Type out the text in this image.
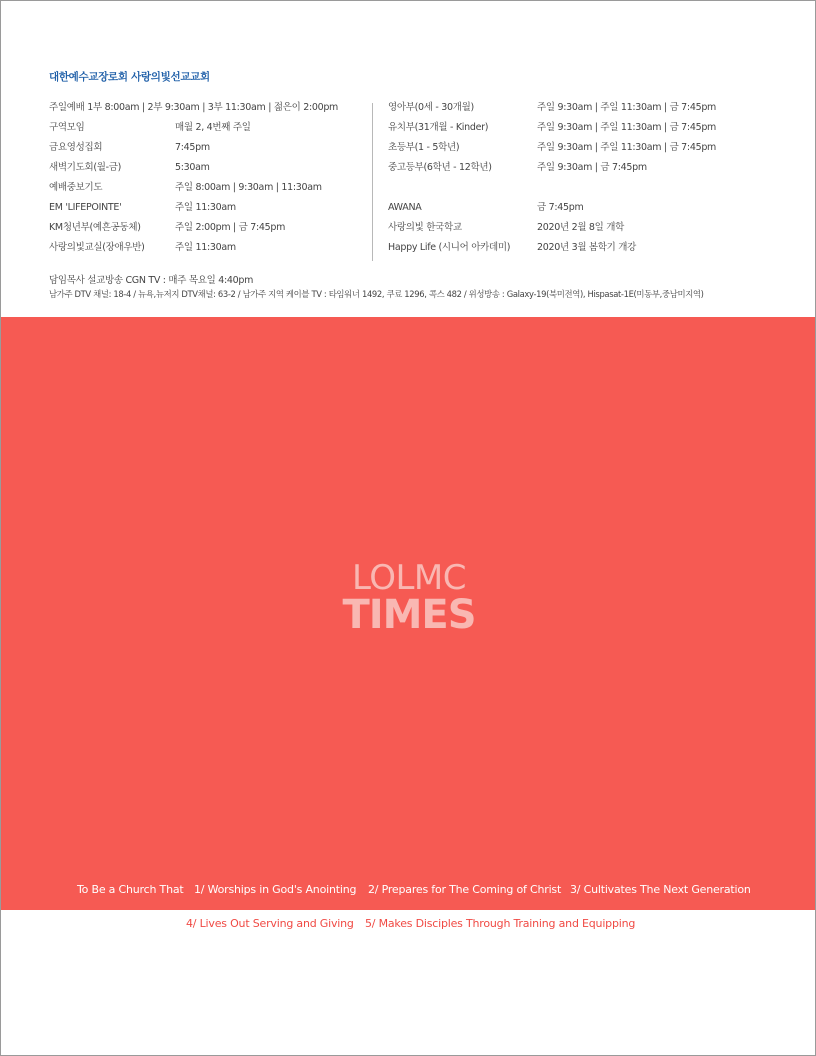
대한예수교장로회 사랑의빛선교교회
주일예배 1부 8:00am | 2부 9:30am | 3부 11:30am | 젊은이 2:00pm
구역모임	매월 2, 4번째 주일
금요영성집회	7:45pm
새벽기도회(월-금)	5:30am
예배중보기도	주일 8:00am | 9:30am | 11:30am
EM 'LIFEPOINTE'	주일 11:30am
KM청년부(예흔공동체)	주일 2:00pm | 금 7:45pm
사랑의빛교실(장애우반)	주일 11:30am
영아부(0세 - 30개월)	주일 9:30am | 주일 11:30am | 금 7:45pm
유치부(31개월 - Kinder)	주일 9:30am | 주일 11:30am | 금 7:45pm
초등부(1 - 5학년)	주일 9:30am | 주일 11:30am | 금 7:45pm
중고등부(6학년 - 12학년)	주일 9:30am | 금 7:45pm
AWANA	금 7:45pm
사랑의빛 한국학교	2020년 2월 8일 개학
Happy Life (시니어 아카데미)	2020년 3월 봄학기 개강
담임목사 설교방송 CGN TV : 매주 목요일 4:40pm
남가주 DTV 채널: 18-4 / 뉴욕,뉴저지 DTV채널: 63-2 / 남가주 지역 케이블 TV : 타임워너 1492, 쿠료 1296, 콕스 482 / 위성방송 : Galaxy-19(북미전역), Hispasat-1E(미동부,중남미지역)
LOLMC
TIMES
To Be a Church That 1/ Worships in God's Anointing 2/ Prepares for The Coming of Christ 3/ Cultivates The Next Generation
4/ Lives Out Serving and Giving 5/ Makes Disciples Through Training and Equipping
